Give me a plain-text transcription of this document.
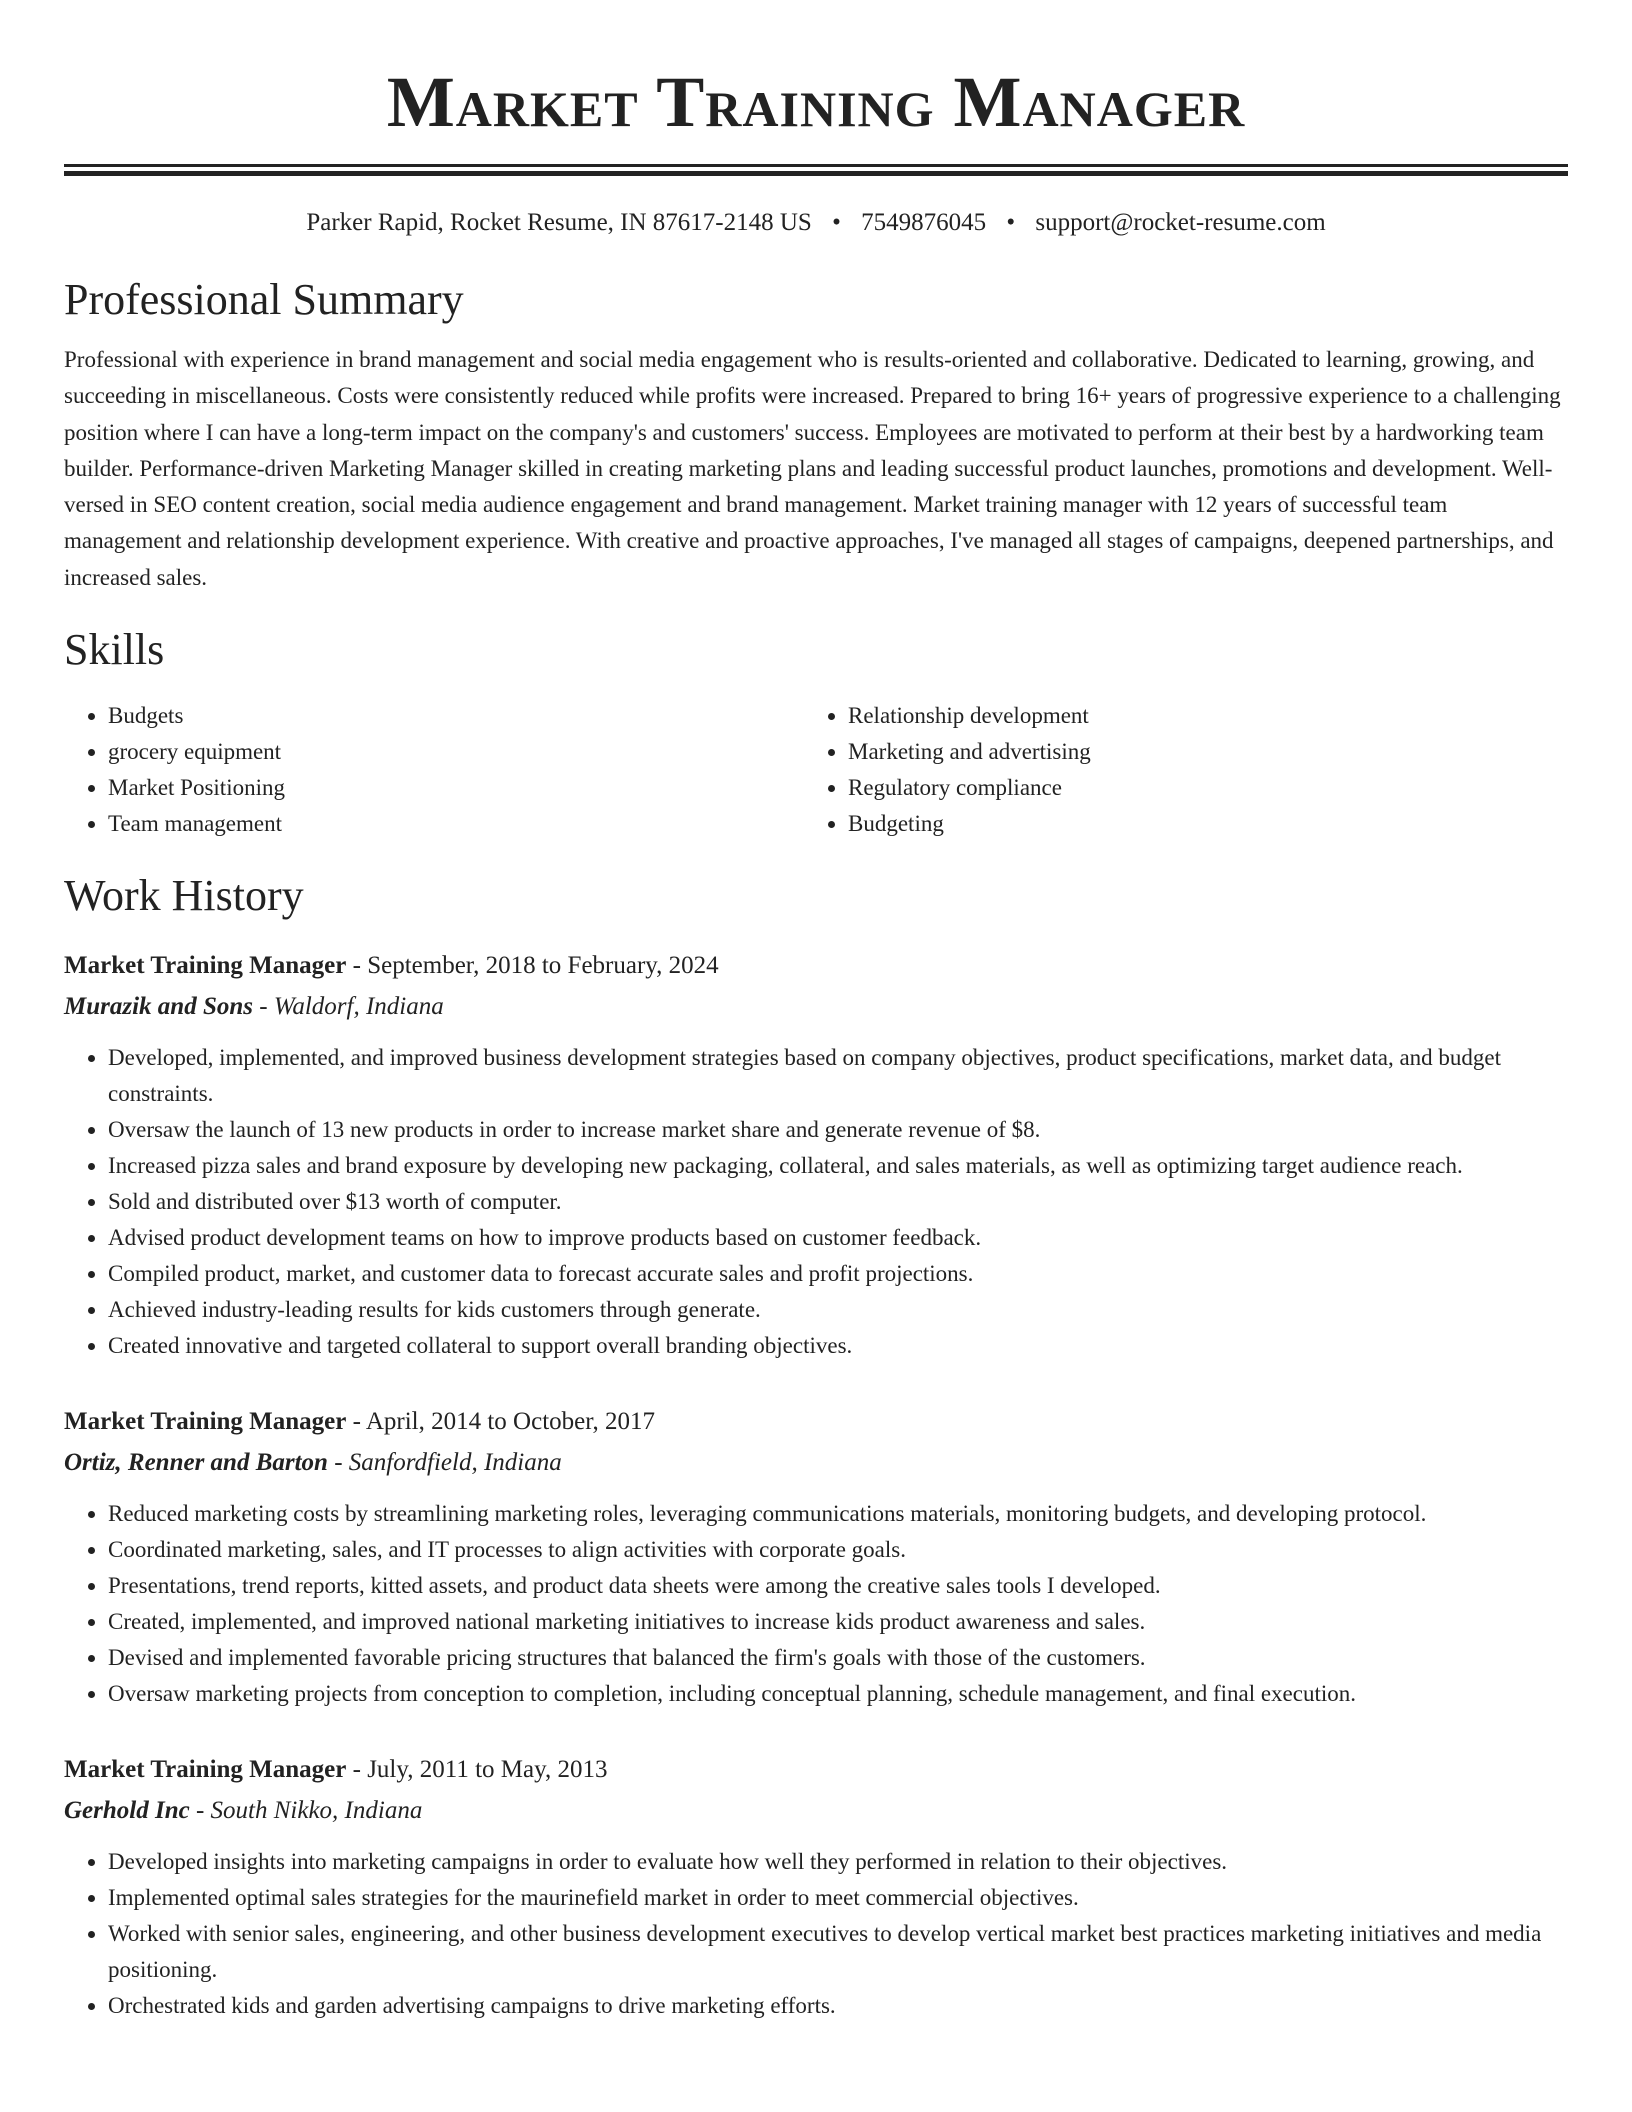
Market Training Manager
Parker Rapid, Rocket Resume, IN 87617-2148 US • 7549876045 • support@rocket-resume.com
Professional Summary

Professional with experience in brand management and social media engagement who is results-oriented and collaborative. Dedicated to learning, growing, and succeeding in miscellaneous. Costs were consistently reduced while profits were increased. Prepared to bring 16+ years of progressive experience to a challenging position where I can have a long-term impact on the company's and customers' success. Employees are motivated to perform at their best by a hardworking team builder. Performance-driven Marketing Manager skilled in creating marketing plans and leading successful product launches, promotions and development. Well-versed in SEO content creation, social media audience engagement and brand management. Market training manager with 12 years of successful team management and relationship development experience. With creative and proactive approaches, I've managed all stages of campaigns, deepened partnerships, and increased sales.

Skills
• Budgets
• grocery equipment
• Market Positioning
• Team management
• Relationship development
• Marketing and advertising
• Regulatory compliance
• Budgeting
Work History
Market Training Manager - September, 2018 to February, 2024
Murazik and Sons - Waldorf, Indiana
• Developed, implemented, and improved business development strategies based on company objectives, product specifications, market data, and budget constraints.
• Oversaw the launch of 13 new products in order to increase market share and generate revenue of $8.
• Increased pizza sales and brand exposure by developing new packaging, collateral, and sales materials, as well as optimizing target audience reach.
• Sold and distributed over $13 worth of computer.
• Advised product development teams on how to improve products based on customer feedback.
• Compiled product, market, and customer data to forecast accurate sales and profit projections.
• Achieved industry-leading results for kids customers through generate.
• Created innovative and targeted collateral to support overall branding objectives.
Market Training Manager - April, 2014 to October, 2017
Ortiz, Renner and Barton - Sanfordfield, Indiana
• Reduced marketing costs by streamlining marketing roles, leveraging communications materials, monitoring budgets, and developing protocol.
• Coordinated marketing, sales, and IT processes to align activities with corporate goals.
• Presentations, trend reports, kitted assets, and product data sheets were among the creative sales tools I developed.
• Created, implemented, and improved national marketing initiatives to increase kids product awareness and sales.
• Devised and implemented favorable pricing structures that balanced the firm's goals with those of the customers.
• Oversaw marketing projects from conception to completion, including conceptual planning, schedule management, and final execution.
Market Training Manager - July, 2011 to May, 2013
Gerhold Inc - South Nikko, Indiana
• Developed insights into marketing campaigns in order to evaluate how well they performed in relation to their objectives.
• Implemented optimal sales strategies for the maurinefield market in order to meet commercial objectives.
• Worked with senior sales, engineering, and other business development executives to develop vertical market best practices marketing initiatives and media positioning.
• Orchestrated kids and garden advertising campaigns to drive marketing efforts.
